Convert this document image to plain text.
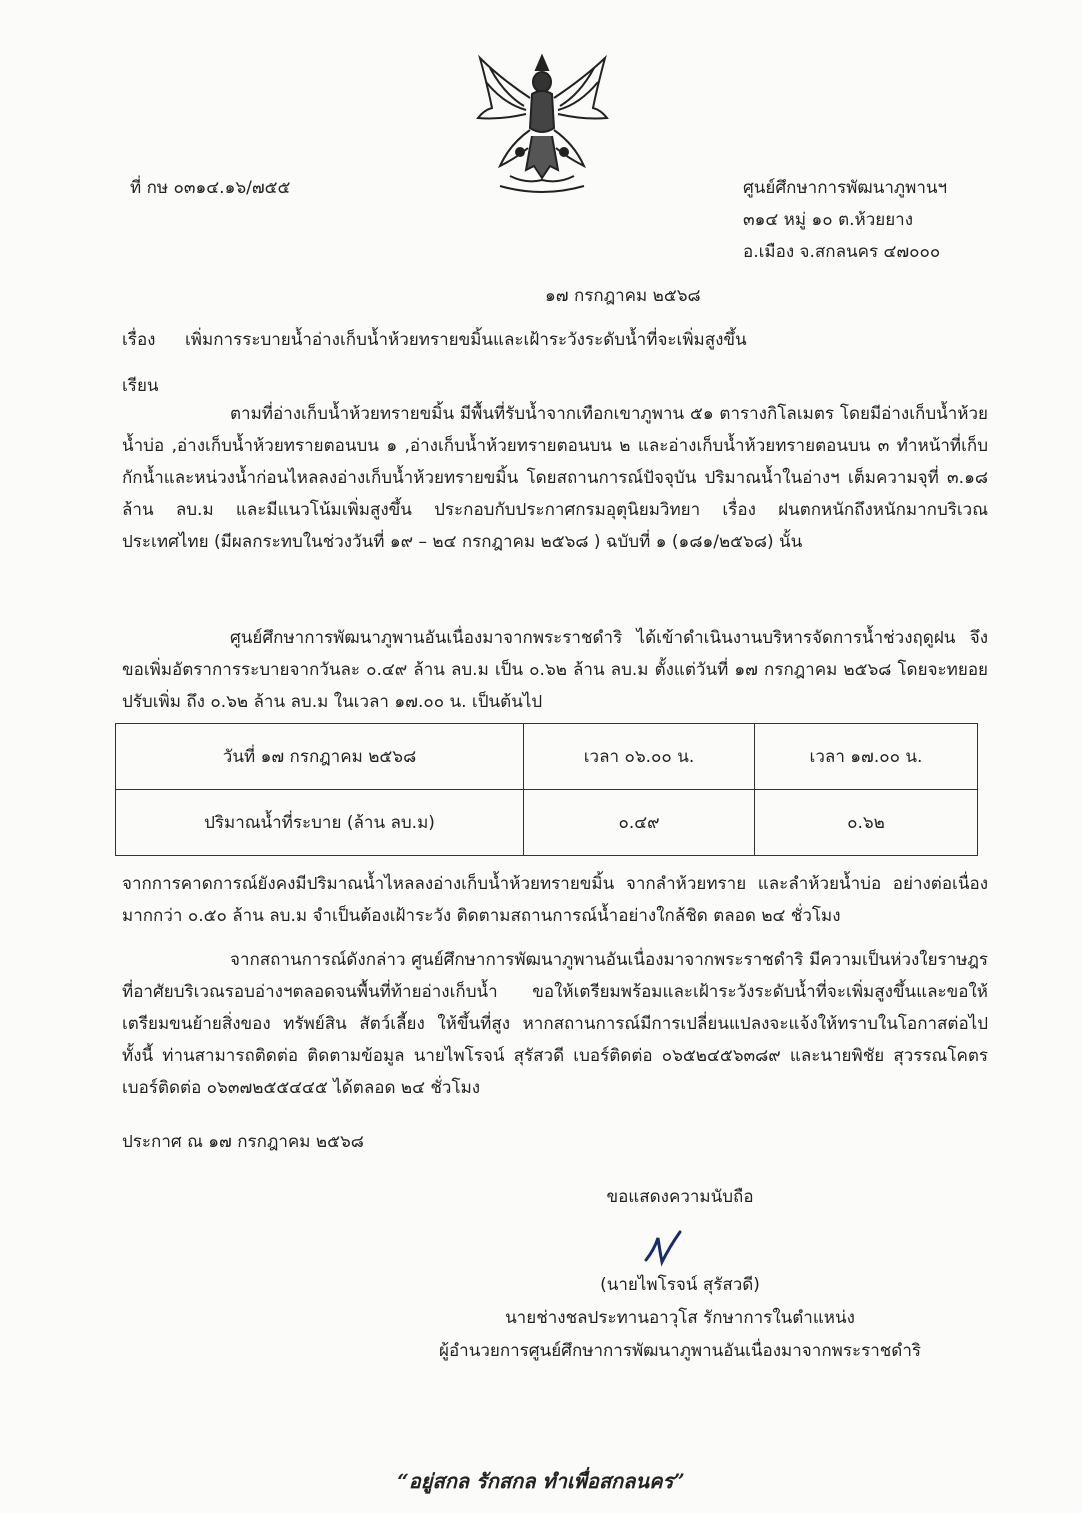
ที่ กษ ๐๓๑๔.๑๖/๗๕๕	ศูนย์ศึกษาการพัฒนาภูพานฯ
๓๑๔ หมู่ ๑๐ ต.ห้วยยาง
อ.เมือง จ.สกลนคร ๔๗๐๐๐
๑๗ กรกฎาคม ๒๕๖๘
เรื่อง เพิ่มการระบายน้ำอ่างเก็บน้ำห้วยทรายขมิ้นและเฝ้าระวังระดับน้ำที่จะเพิ่มสูงขึ้น
เรียน

ตามที่อ่างเก็บน้ำห้วยทรายขมิ้น มีพื้นที่รับน้ำจากเทือกเขาภูพาน ๕๑ ตารางกิโลเมตร โดยมีอ่างเก็บน้ำห้วยน้ำบ่อ ,อ่างเก็บน้ำห้วยทรายตอนบน ๑ ,อ่างเก็บน้ำห้วยทรายตอนบน ๒ และอ่างเก็บน้ำห้วยทรายตอนบน ๓ ทำหน้าที่เก็บกักน้ำและหน่วงน้ำก่อนไหลลงอ่างเก็บน้ำห้วยทรายขมิ้น โดยสถานการณ์ปัจจุบัน ปริมาณน้ำในอ่างฯ เต็มความจุที่ ๓.๑๘ ล้าน ลบ.ม และมีแนวโน้มเพิ่มสูงขึ้น ประกอบกับประกาศกรมอุตุนิยมวิทยา เรื่อง ฝนตกหนักถึงหนักมากบริเวณประเทศไทย (มีผลกระทบในช่วงวันที่ ๑๙ – ๒๔ กรกฎาคม ๒๕๖๘ ) ฉบับที่ ๑ (๑๘๑/๒๕๖๘) นั้น

ศูนย์ศึกษาการพัฒนาภูพานอันเนื่องมาจากพระราชดำริ ได้เข้าดำเนินงานบริหารจัดการน้ำช่วงฤดูฝน จึงขอเพิ่มอัตราการระบายจากวันละ ๐.๔๙ ล้าน ลบ.ม เป็น ๐.๖๒ ล้าน ลบ.ม ตั้งแต่วันที่ ๑๗ กรกฎาคม ๒๕๖๘ โดยจะทยอยปรับเพิ่ม ถึง ๐.๖๒ ล้าน ลบ.ม ในเวลา ๑๗.๐๐ น. เป็นต้นไป

วันที่ ๑๗ กรกฎาคม ๒๕๖๘	เวลา ๐๖.๐๐ น.	เวลา ๑๗.๐๐ น.
ปริมาณน้ำที่ระบาย (ล้าน ลบ.ม)	๐.๔๙	๐.๖๒

จากการคาดการณ์ยังคงมีปริมาณน้ำไหลลงอ่างเก็บน้ำห้วยทรายขมิ้น จากลำห้วยทราย และลำห้วยน้ำบ่อ อย่างต่อเนื่อง มากกว่า ๐.๕๐ ล้าน ลบ.ม จำเป็นต้องเฝ้าระวัง ติดตามสถานการณ์น้ำอย่างใกล้ชิด ตลอด ๒๔ ชั่วโมง

จากสถานการณ์ดังกล่าว ศูนย์ศึกษาการพัฒนาภูพานอันเนื่องมาจากพระราชดำริ มีความเป็นห่วงใยราษฎรที่อาศัยบริเวณรอบอ่างฯตลอดจนพื้นที่ท้ายอ่างเก็บน้ำ ขอให้เตรียมพร้อมและเฝ้าระวังระดับน้ำที่จะเพิ่มสูงขึ้นและขอให้เตรียมขนย้ายสิ่งของ ทรัพย์สิน สัตว์เลี้ยง ให้ขึ้นที่สูง หากสถานการณ์มีการเปลี่ยนแปลงจะแจ้งให้ทราบในโอกาสต่อไป ทั้งนี้ ท่านสามารถติดต่อ ติดตามข้อมูล นายไพโรจน์ สุรัสวดี เบอร์ติดต่อ ๐๖๕๒๔๕๖๓๘๙ และนายพิชัย สุวรรณโคตร เบอร์ติดต่อ ๐๖๓๗๒๕๕๔๔๕ ได้ตลอด ๒๔ ชั่วโมง

ประกาศ ณ ๑๗ กรกฎาคม ๒๕๖๘
ขอแสดงความนับถือ
(นายไพโรจน์ สุรัสวดี)
นายช่างชลประทานอาวุโส รักษาการในตำแหน่ง
ผู้อำนวยการศูนย์ศึกษาการพัฒนาภูพานอันเนื่องมาจากพระราชดำริ
“อยู่สกล รักสกล ทำเพื่อสกลนคร”
